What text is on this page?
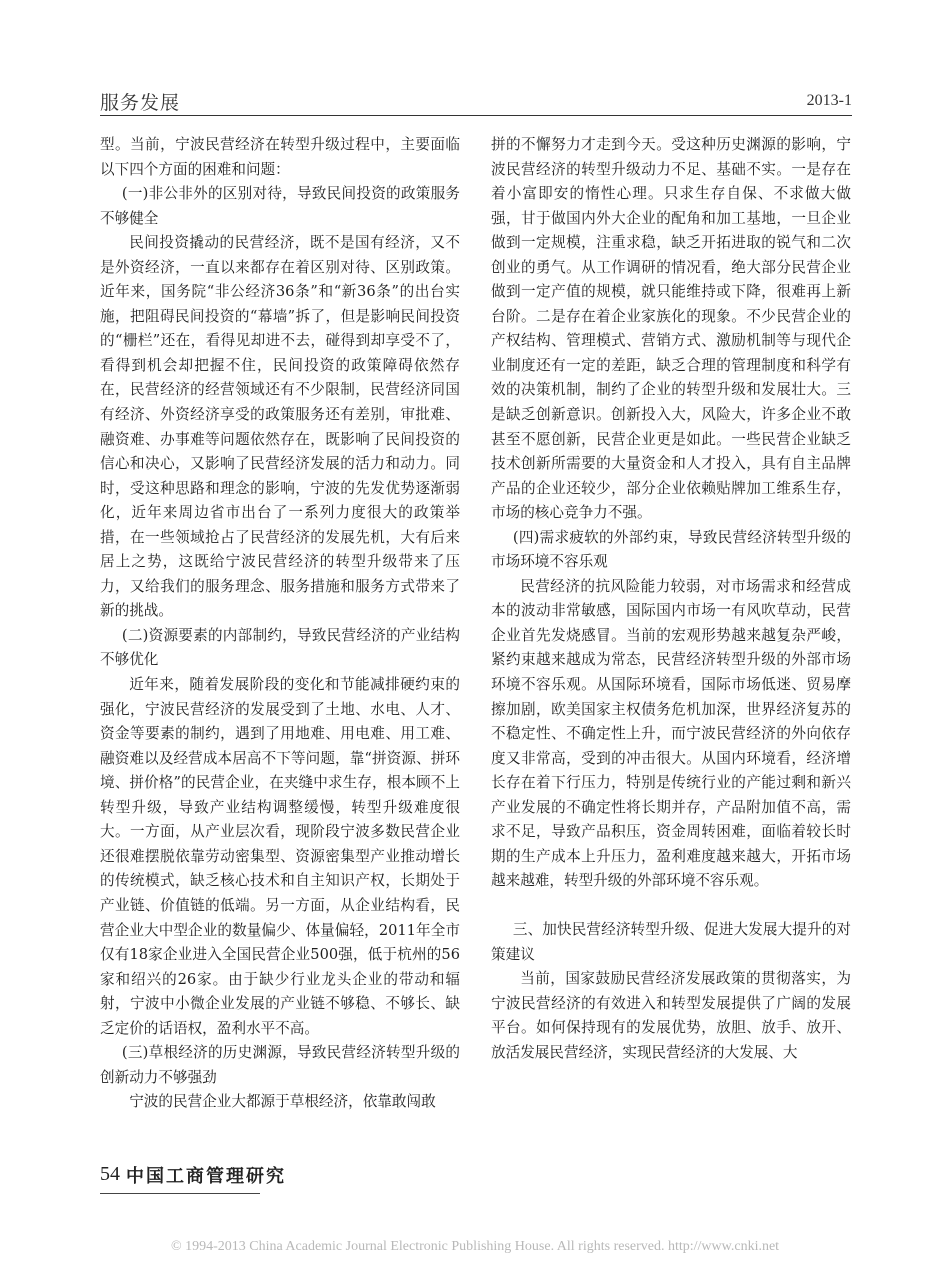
服务发展	2013-1

型。当前，宁波民营经济在转型升级过程中，主要面临以下四个方面的困难和问题：

(一)非公非外的区别对待，导致民间投资的政策服务不够健全

民间投资撬动的民营经济，既不是国有经济，又不是外资经济，一直以来都存在着区别对待、区别政策。近年来，国务院“非公经济36条”和“新36条”的出台实施，把阻碍民间投资的“幕墙”拆了，但是影响民间投资的“栅栏”还在，看得见却进不去，碰得到却享受不了，看得到机会却把握不住，民间投资的政策障碍依然存在，民营经济的经营领域还有不少限制，民营经济同国有经济、外资经济享受的政策服务还有差别，审批难、融资难、办事难等问题依然存在，既影响了民间投资的信心和决心，又影响了民营经济发展的活力和动力。同时，受这种思路和理念的影响，宁波的先发优势逐渐弱化，近年来周边省市出台了一系列力度很大的政策举措，在一些领域抢占了民营经济的发展先机，大有后来居上之势，这既给宁波民营经济的转型升级带来了压力，又给我们的服务理念、服务措施和服务方式带来了新的挑战。

(二)资源要素的内部制约，导致民营经济的产业结构不够优化

近年来，随着发展阶段的变化和节能减排硬约束的强化，宁波民营经济的发展受到了土地、水电、人才、资金等要素的制约，遇到了用地难、用电难、用工难、融资难以及经营成本居高不下等问题，靠“拼资源、拼环境、拼价格”的民营企业，在夹缝中求生存，根本顾不上转型升级，导致产业结构调整缓慢，转型升级难度很大。一方面，从产业层次看，现阶段宁波多数民营企业还很难摆脱依靠劳动密集型、资源密集型产业推动增长的传统模式，缺乏核心技术和自主知识产权，长期处于产业链、价值链的低端。另一方面，从企业结构看，民营企业大中型企业的数量偏少、体量偏轻，2011年全市仅有18家企业进入全国民营企业500强，低于杭州的56家和绍兴的26家。由于缺少行业龙头企业的带动和辐射，宁波中小微企业发展的产业链不够稳、不够长、缺乏定价的话语权，盈利水平不高。

(三)草根经济的历史渊源，导致民营经济转型升级的创新动力不够强劲

宁波的民营企业大都源于草根经济，依靠敢闯敢

拼的不懈努力才走到今天。受这种历史渊源的影响，宁波民营经济的转型升级动力不足、基础不实。一是存在着小富即安的惰性心理。只求生存自保、不求做大做强，甘于做国内外大企业的配角和加工基地，一旦企业做到一定规模，注重求稳，缺乏开拓进取的锐气和二次创业的勇气。从工作调研的情况看，绝大部分民营企业做到一定产值的规模，就只能维持或下降，很难再上新台阶。二是存在着企业家族化的现象。不少民营企业的产权结构、管理模式、营销方式、激励机制等与现代企业制度还有一定的差距，缺乏合理的管理制度和科学有效的决策机制，制约了企业的转型升级和发展壮大。三是缺乏创新意识。创新投入大，风险大，许多企业不敢甚至不愿创新，民营企业更是如此。一些民营企业缺乏技术创新所需要的大量资金和人才投入，具有自主品牌产品的企业还较少，部分企业依赖贴牌加工维系生存，市场的核心竞争力不强。

(四)需求疲软的外部约束，导致民营经济转型升级的市场环境不容乐观

民营经济的抗风险能力较弱，对市场需求和经营成本的波动非常敏感，国际国内市场一有风吹草动，民营企业首先发烧感冒。当前的宏观形势越来越复杂严峻，紧约束越来越成为常态，民营经济转型升级的外部市场环境不容乐观。从国际环境看，国际市场低迷、贸易摩擦加剧，欧美国家主权债务危机加深，世界经济复苏的不稳定性、不确定性上升，而宁波民营经济的外向依存度又非常高，受到的冲击很大。从国内环境看，经济增长存在着下行压力，特别是传统行业的产能过剩和新兴产业发展的不确定性将长期并存，产品附加值不高，需求不足，导致产品积压，资金周转困难，面临着较长时期的生产成本上升压力，盈利难度越来越大，开拓市场越来越难，转型升级的外部环境不容乐观。

三、加快民营经济转型升级、促进大发展大提升的对策建议

当前，国家鼓励民营经济发展政策的贯彻落实，为宁波民营经济的有效进入和转型发展提供了广阔的发展平台。如何保持现有的发展优势，放胆、放手、放开、放活发展民营经济，实现民营经济的大发展、大

54 中国工商管理研究
© 1994-2013 China Academic Journal Electronic Publishing House. All rights reserved. http://www.cnki.net
